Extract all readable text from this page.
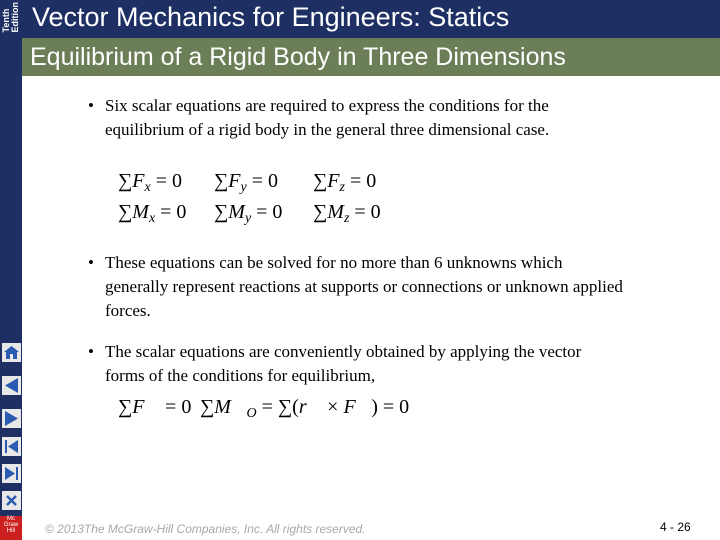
Tenth
Edition Vector Mechanics for Engineers: Statics
Equilibrium of a Rigid Body in Three Dimensions
• Six scalar equations are required to express the conditions for the equilibrium of a rigid body in the general three dimensional case.
$\sum F_x = 0$ $\sum F_y = 0$ $\sum F_z = 0$
$\sum M_x = 0$ $\sum M_y = 0$ $\sum M_z = 0$
• These equations can be solved for no more than 6 unknowns which generally represent reactions at supports or connections or unknown applied forces.
• The scalar equations are conveniently obtained by applying the vector forms of the conditions for equilibrium,
∑F⃗ = 0 $\sum M⃗_O$ = ∑(r⃗ × F⃗) = 0
Mc
Graw
Hill	© 2013The McGraw-Hill Companies, Inc. All rights reserved.	4 - 26
